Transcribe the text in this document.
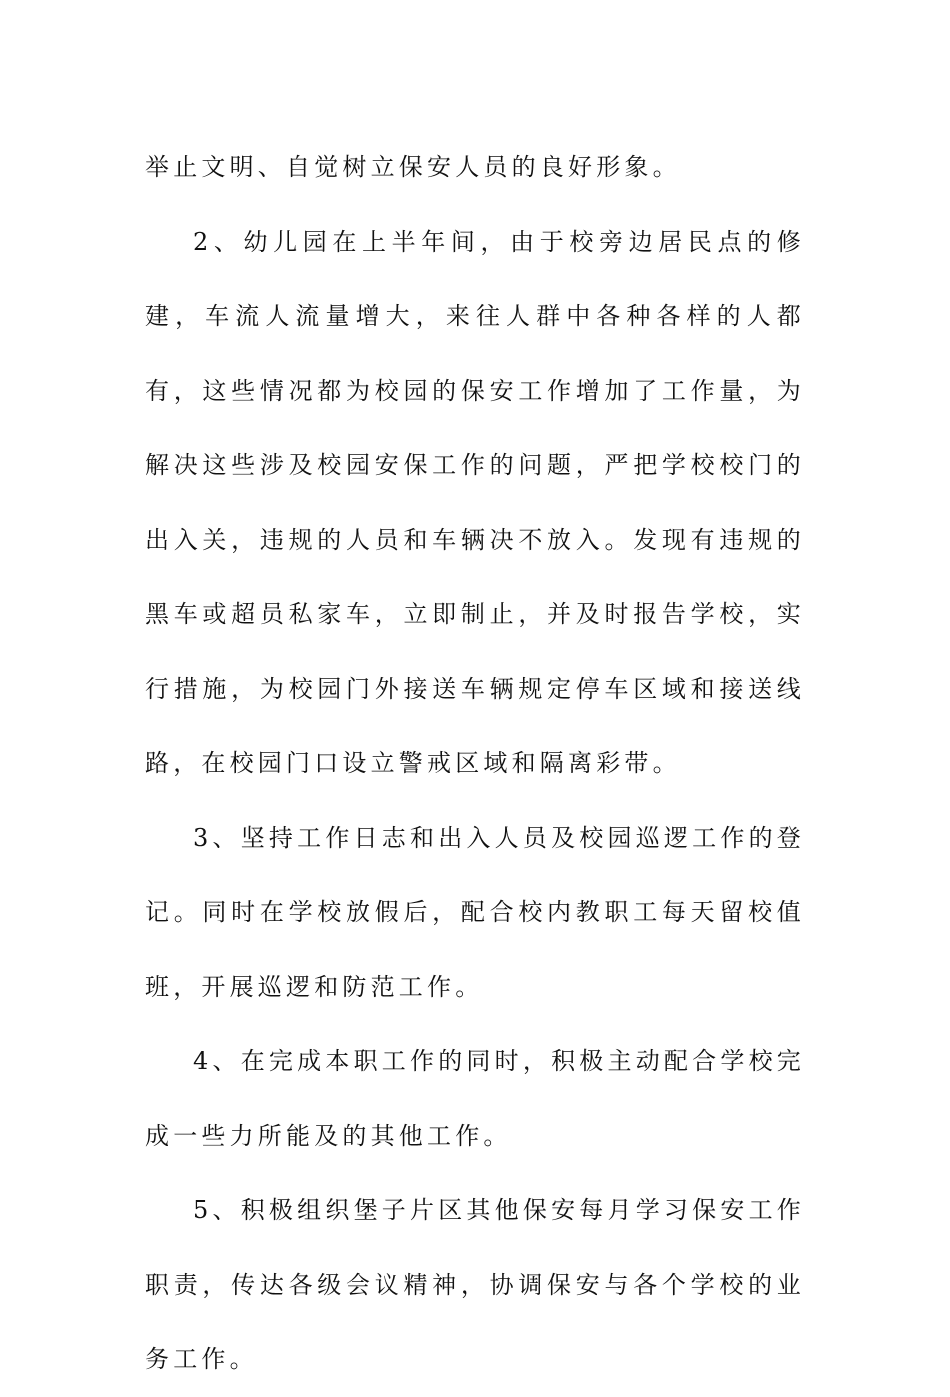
举止文明、自觉树立保安人员的良好形象。

2、幼儿园在上半年间，由于校旁边居民点的修建，车流人流量增大，来往人群中各种各样的人都有，这些情况都为校园的保安工作增加了工作量，为解决这些涉及校园安保工作的问题，严把学校校门的出入关，违规的人员和车辆决不放入。发现有违规的黑车或超员私家车，立即制止，并及时报告学校，实行措施，为校园门外接送车辆规定停车区域和接送线路，在校园门口设立警戒区域和隔离彩带。

3、坚持工作日志和出入人员及校园巡逻工作的登记。同时在学校放假后，配合校内教职工每天留校值班，开展巡逻和防范工作。

4、在完成本职工作的同时，积极主动配合学校完成一些力所能及的其他工作。

5、积极组织堡子片区其他保安每月学习保安工作职责，传达各级会议精神，协调保安与各个学校的业务工作。
